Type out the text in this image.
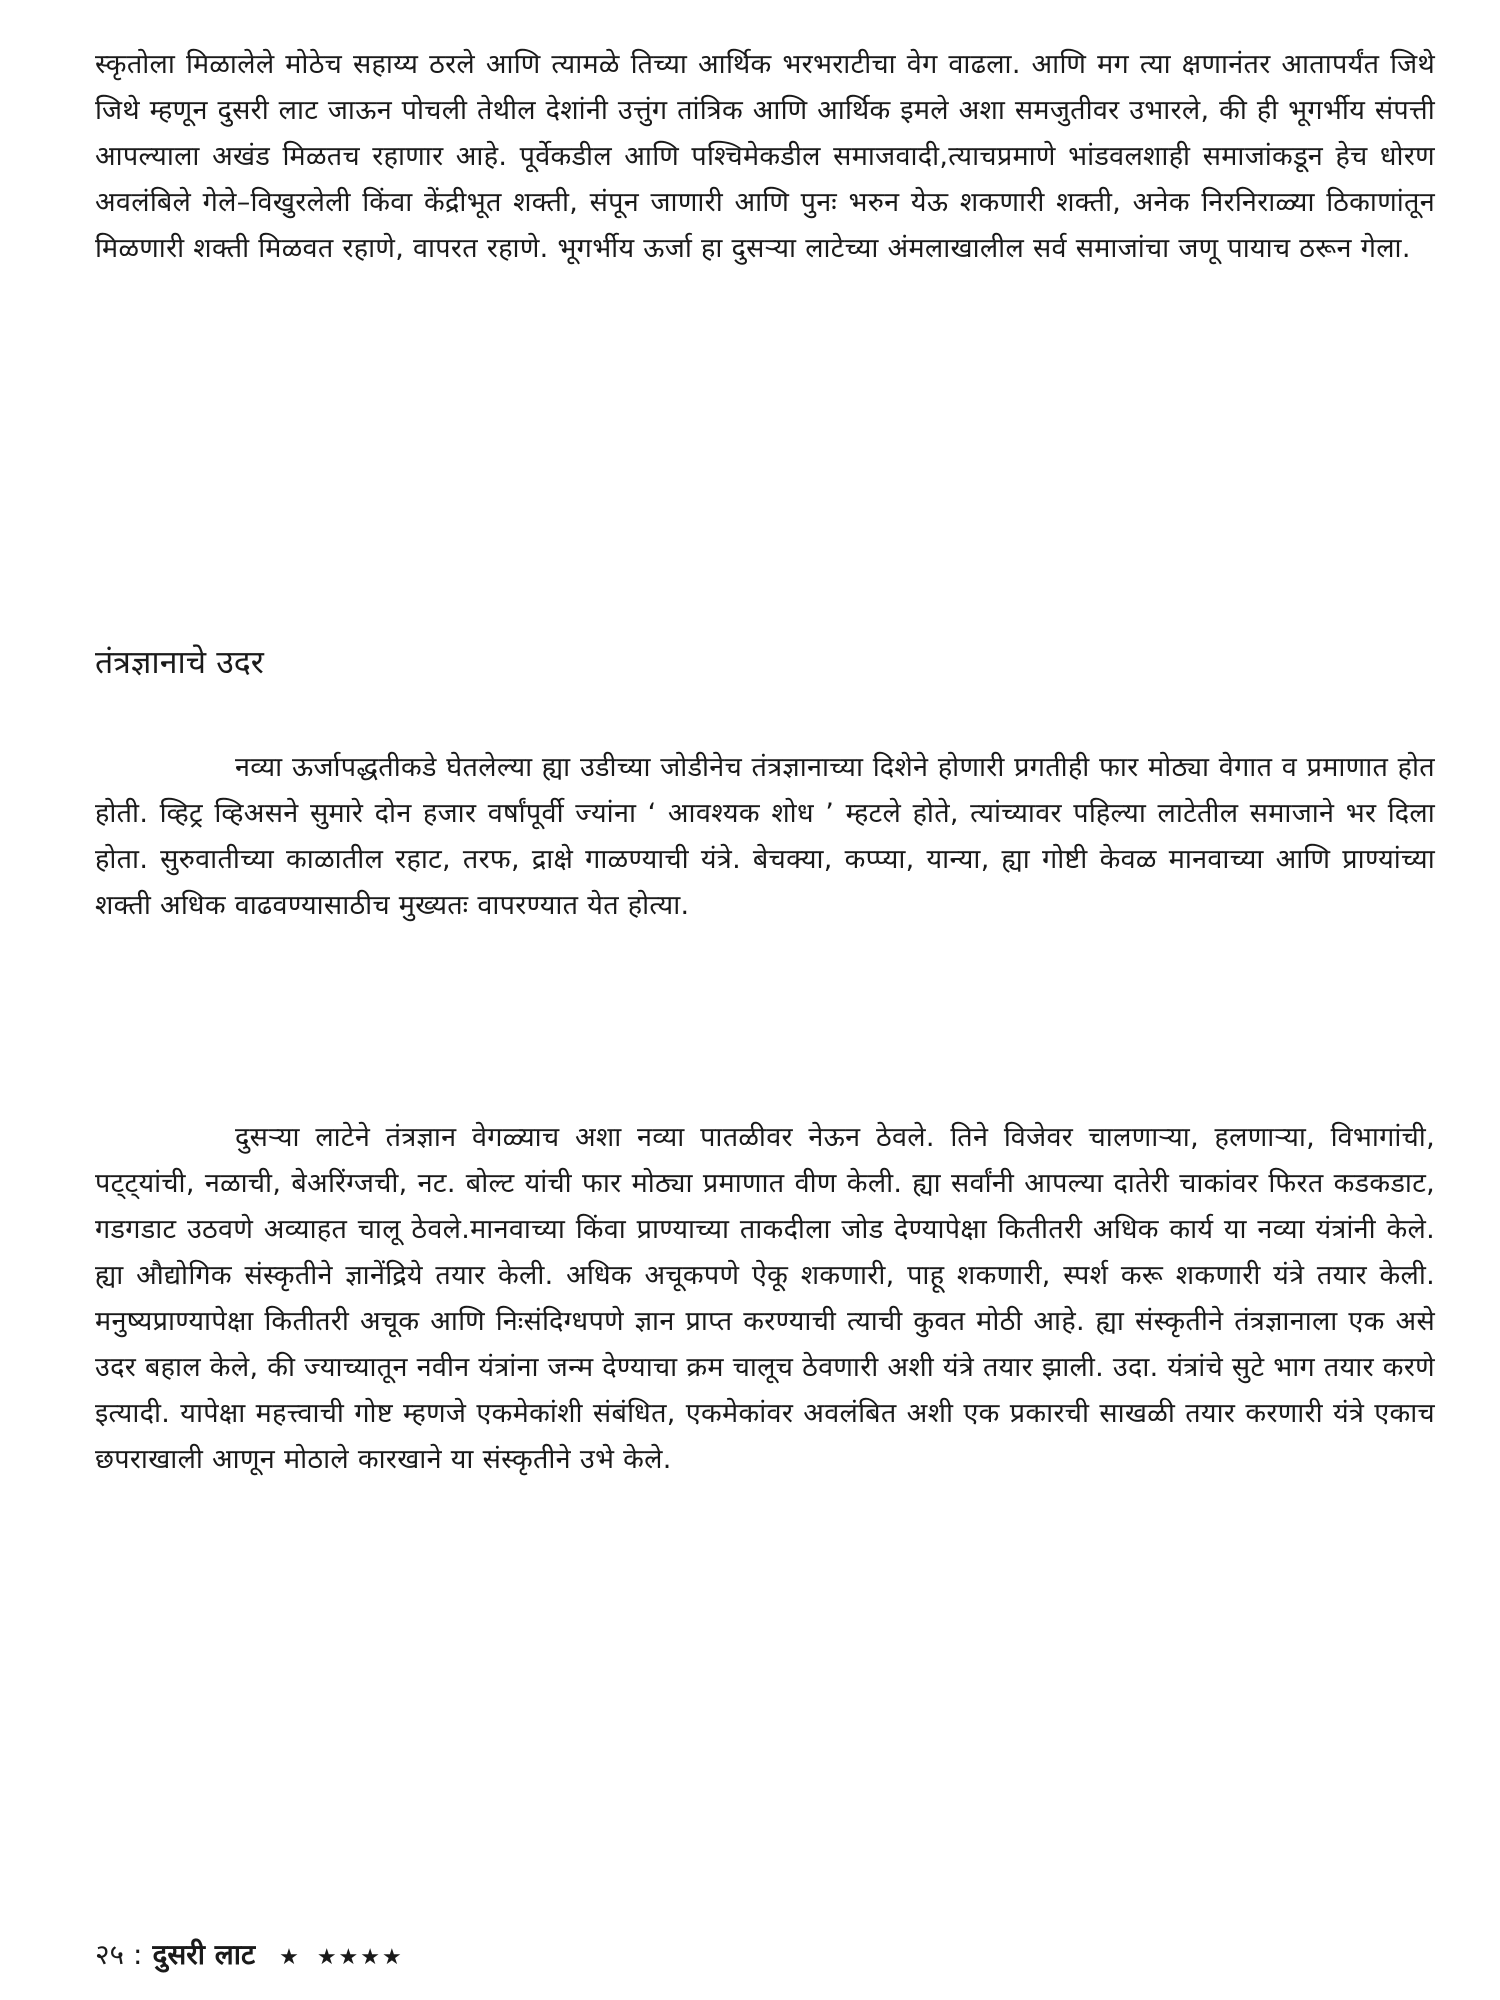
स्कृतोला मिळालेले मोठेच सहाय्य ठरले आणि त्यामळे तिच्या आर्थिक भरभराटीचा वेग वाढला. आणि मग त्या क्षणानंतर आतापर्यंत जिथे जिथे म्हणून दुसरी लाट जाऊन पोचली तेथील देशांनी उत्तुंग तांत्रिक आणि आर्थिक इमले अशा समजुतीवर उभारले, की ही भूगर्भीय संपत्ती आपल्याला अखंड मिळतच रहाणार आहे. पूर्वेकडील आणि पश्चिमेकडील समाजवादी,त्याचप्रमाणे भांडवलशाही समाजांकडून हेच धोरण अवलंबिले गेले–विखुरलेली किंवा केंद्रीभूत शक्ती, संपून जाणारी आणि पुनः भरुन येऊ शकणारी शक्ती, अनेक निरनिराळ्या ठिकाणांतून मिळणारी शक्ती मिळवत रहाणे, वापरत रहाणे. भूगर्भीय ऊर्जा हा दुसऱ्या लाटेच्या अंमलाखालील सर्व समाजांचा जणू पायाच ठरून गेला.

तंत्रज्ञानाचे उदर

नव्या ऊर्जापद्धतीकडे घेतलेल्या ह्या उडीच्या जोडीनेच तंत्रज्ञानाच्या दिशेने होणारी प्रगतीही फार मोठ्या वेगात व प्रमाणात होत होती. व्हिट्र व्हिअसने सुमारे दोन हजार वर्षांपूर्वी ज्यांना ‘ आवश्यक शोध ’ म्हटले होते, त्यांच्यावर पहिल्या लाटेतील समाजाने भर दिला होता. सुरुवातीच्या काळातील रहाट, तरफ, द्राक्षे गाळण्याची यंत्रे. बेचक्या, कप्प्या, यान्या, ह्या गोष्टी केवळ मानवाच्या आणि प्राण्यांच्या शक्ती अधिक वाढवण्यासाठीच मुख्यतः वापरण्यात येत होत्या.

दुसऱ्या लाटेने तंत्रज्ञान वेगळ्याच अशा नव्या पातळीवर नेऊन ठेवले. तिने विजेवर चालणाऱ्या, हलणाऱ्या, विभागांची, पट्ट्यांची, नळाची, बेअरिंग्जची, नट. बोल्ट यांची फार मोठ्या प्रमाणात वीण केली. ह्या सर्वांनी आपल्या दातेरी चाकांवर फिरत कडकडाट, गडगडाट उठवणे अव्याहत चालू ठेवले.मानवाच्या किंवा प्राण्याच्या ताकदीला जोड देण्यापेक्षा कितीतरी अधिक कार्य या नव्या यंत्रांनी केले. ह्या औद्योगिक संस्कृतीने ज्ञानेंद्रिये तयार केली. अधिक अचूकपणे ऐकू शकणारी, पाहू शकणारी, स्पर्श करू शकणारी यंत्रे तयार केली. मनुष्यप्राण्यापेक्षा कितीतरी अचूक आणि निःसंदिग्धपणे ज्ञान प्राप्त करण्याची त्याची कुवत मोठी आहे. ह्या संस्कृतीने तंत्रज्ञानाला एक असे उदर बहाल केले, की ज्याच्यातून नवीन यंत्रांना जन्म देण्याचा क्रम चालूच ठेवणारी अशी यंत्रे तयार झाली. उदा. यंत्रांचे सुटे भाग तयार करणे इत्यादी. यापेक्षा महत्त्वाची गोष्ट म्हणजे एकमेकांशी संबंधित, एकमेकांवर अवलंबित अशी एक प्रकारची साखळी तयार करणारी यंत्रे एकाच छपराखाली आणून मोठाले कारखाने या संस्कृतीने उभे केले.

२५ : दुसरी लाट ★ ★★★★
